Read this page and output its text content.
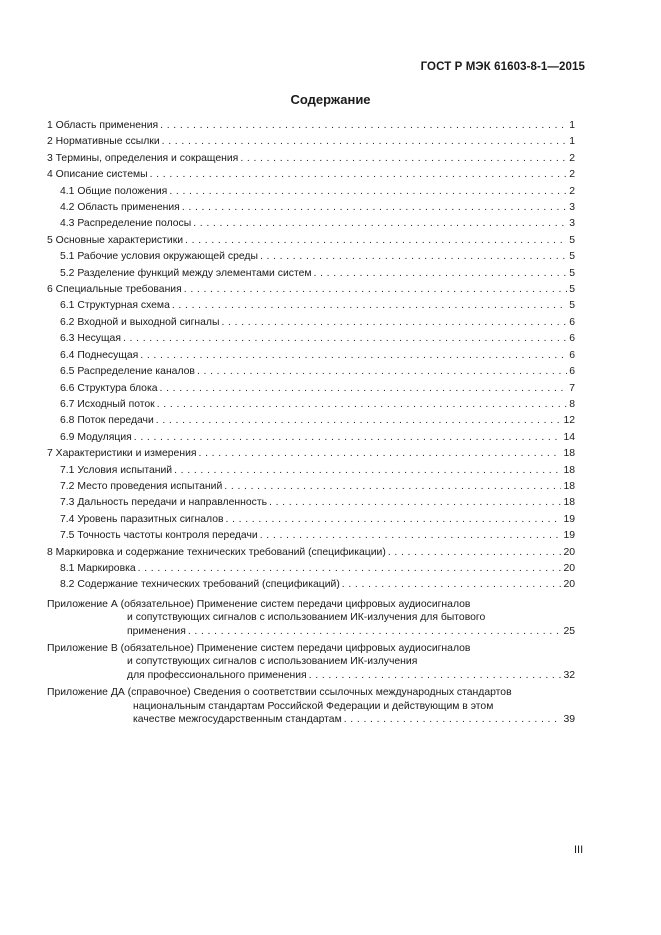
ГОСТ Р МЭК 61603-8-1—2015
Содержание
1 Область применения . . .	1
2 Нормативные ссылки . . .	1
3 Термины, определения и сокращения . . .	2
4 Описание системы . . .	2
4.1 Общие положения . . .	2
4.2 Область применения . . .	3
4.3 Распределение полосы . . .	3
5 Основные характеристики . . .	5
5.1 Рабочие условия окружающей среды . . .	5
5.2 Разделение функций между элементами систем . . .	5
6 Специальные требования . . .	5
6.1 Структурная схема . . .	5
6.2 Входной и выходной сигналы . . .	6
6.3 Несущая . . .	6
6.4 Поднесущая . . .	6
6.5 Распределение каналов . . .	6
6.6 Структура блока . . .	7
6.7 Исходный поток . . .	8
6.8 Поток передачи . . .	12
6.9 Модуляция . . .	14
7 Характеристики и измерения . . .	18
7.1 Условия испытаний . . .	18
7.2 Место проведения испытаний . . .	18
7.3 Дальность передачи и направленность . . .	18
7.4 Уровень паразитных сигналов . . .	19
7.5 Точность частоты контроля передачи . . .	19
8 Маркировка и содержание технических требований (спецификации) . . .	20
8.1 Маркировка . . .	20
8.2 Содержание технических требований (спецификаций) . . .	20
Приложение А (обязательное) Применение систем передачи цифровых аудиосигналов
и сопутствующих сигналов с использованием ИК-излучения для бытового
применения . . .	25
Приложение В (обязательное) Применение систем передачи цифровых аудиосигналов
и сопутствующих сигналов с использованием ИК-излучения
для профессионального применения . . .	32
Приложение ДА (справочное) Сведения о соответствии ссылочных международных стандартов
национальным стандартам Российской Федерации и действующим в этом
качестве межгосударственным стандартам . . .	39
III
